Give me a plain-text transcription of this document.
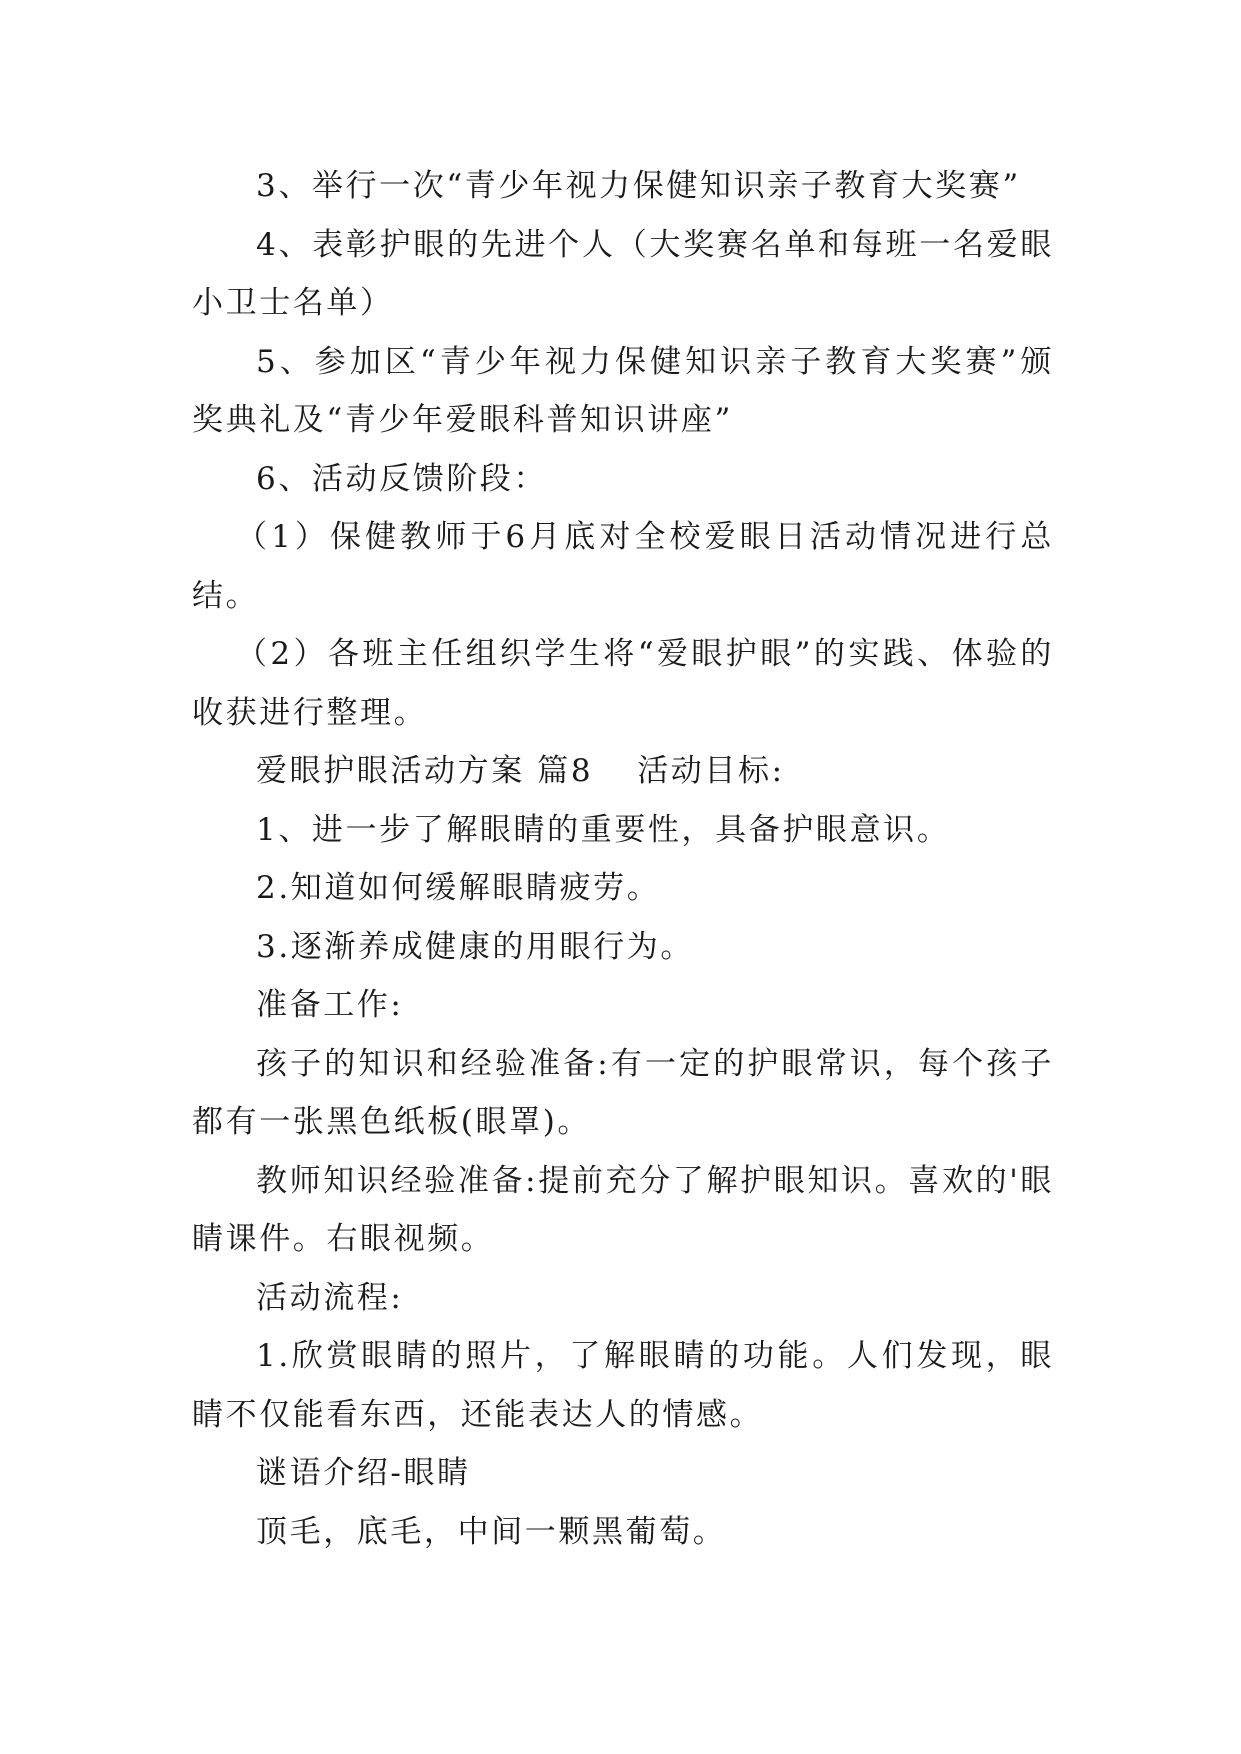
3、举行一次“青少年视力保健知识亲子教育大奖赛”

4、表彰护眼的先进个人（大奖赛名单和每班一名爱眼小卫士名单）

5、参加区“青少年视力保健知识亲子教育大奖赛”颁奖典礼及“青少年爱眼科普知识讲座”

6、活动反馈阶段：

（1）保健教师于6月底对全校爱眼日活动情况进行总结。

（2）各班主任组织学生将“爱眼护眼”的实践、体验的收获进行整理。

爱眼护眼活动方案 篇8 活动目标:

1、进一步了解眼睛的重要性，具备护眼意识。

2.知道如何缓解眼睛疲劳。

3.逐渐养成健康的用眼行为。

准备工作:

孩子的知识和经验准备:有一定的护眼常识，每个孩子都有一张黑色纸板(眼罩)。

教师知识经验准备:提前充分了解护眼知识。喜欢的'眼睛课件。右眼视频。

活动流程:

1.欣赏眼睛的照片，了解眼睛的功能。人们发现，眼睛不仅能看东西，还能表达人的情感。

谜语介绍-眼睛

顶毛，底毛，中间一颗黑葡萄。
